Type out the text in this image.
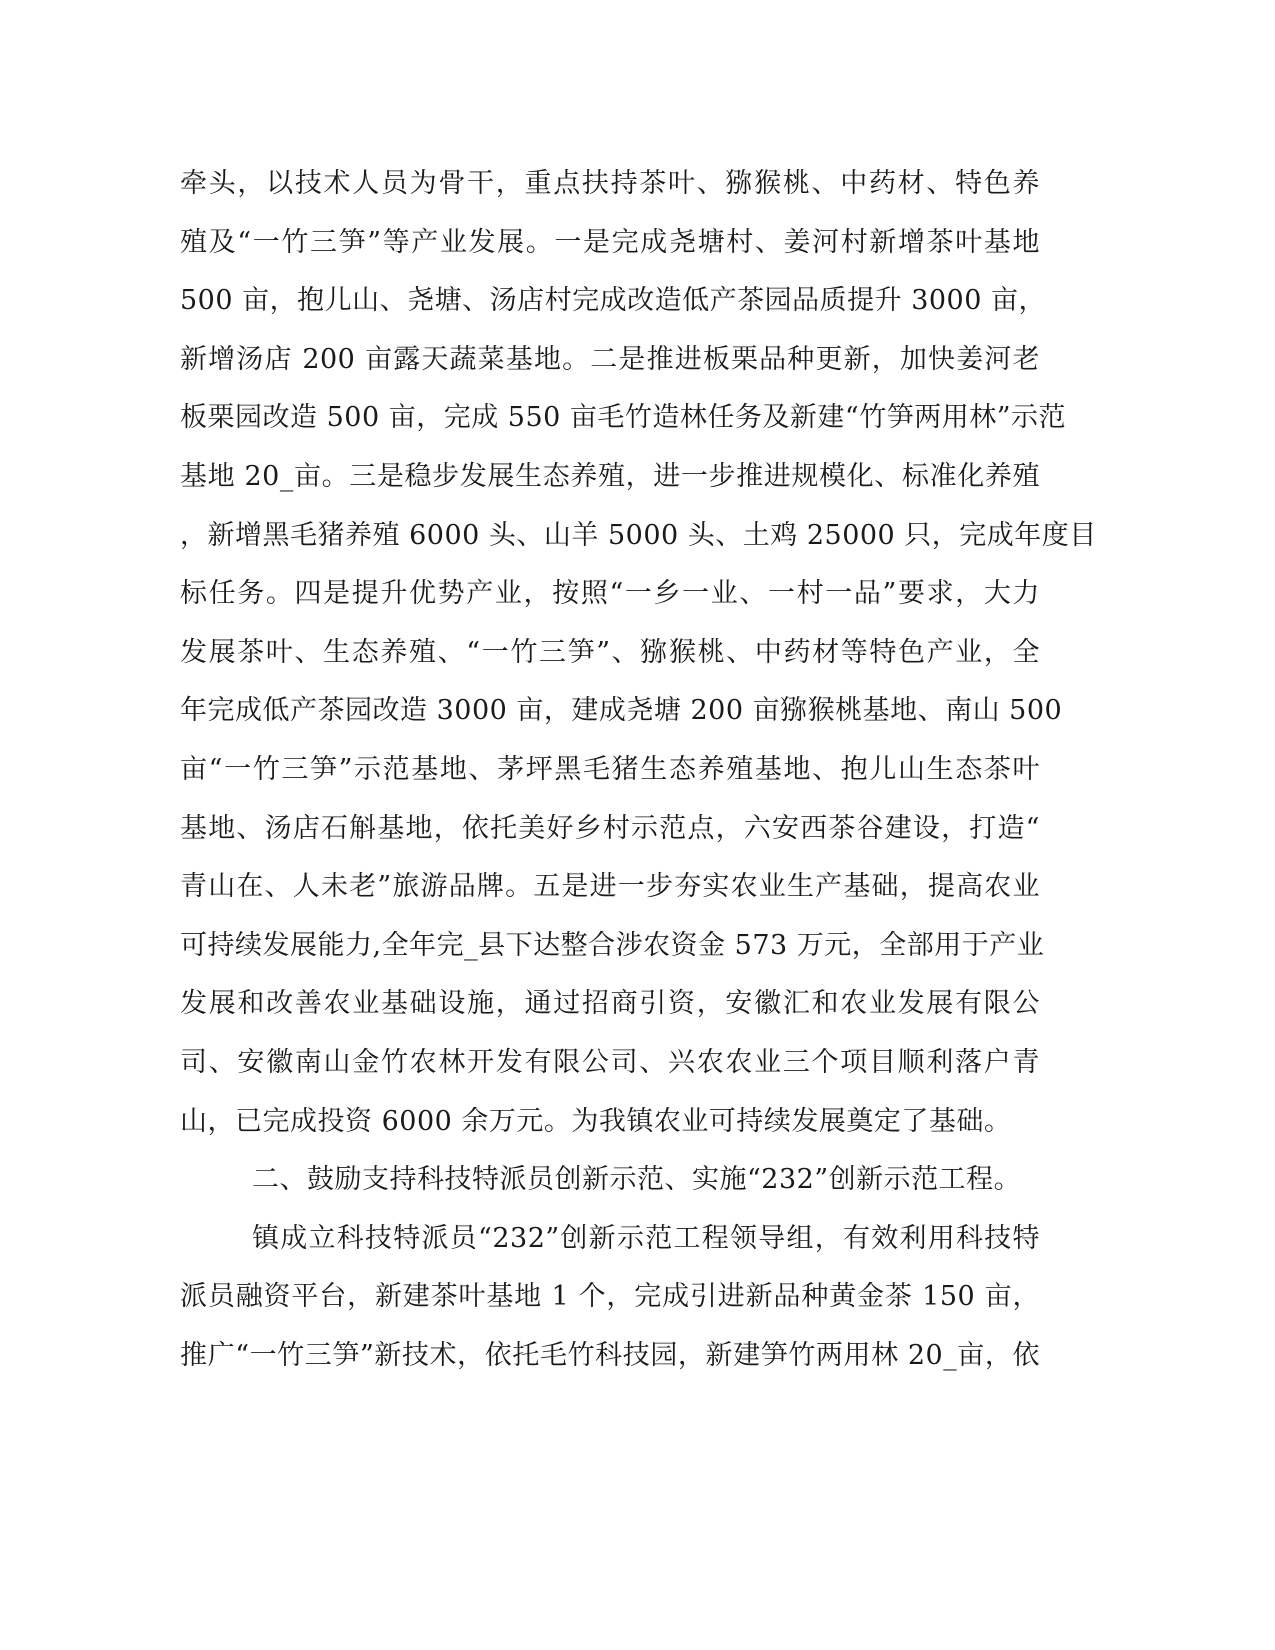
牵头，以技术人员为骨干，重点扶持茶叶、猕猴桃、中药材、特色养
殖及“一竹三笋”等产业发展。一是完成尧塘村、姜河村新增茶叶基地
500 亩，抱儿山、尧塘、汤店村完成改造低产茶园品质提升 3000 亩，
新增汤店 200 亩露天蔬菜基地。二是推进板栗品种更新，加快姜河老
板栗园改造 500 亩，完成 550 亩毛竹造林任务及新建“竹笋两用林”示范
基地 20_亩。三是稳步发展生态养殖，进一步推进规模化、标准化养殖
，新增黑毛猪养殖 6000 头、山羊 5000 头、土鸡 25000 只，完成年度目
标任务。四是提升优势产业，按照“一乡一业、一村一品”要求，大力
发展茶叶、生态养殖、“一竹三笋”、猕猴桃、中药材等特色产业，全
年完成低产茶园改造 3000 亩，建成尧塘 200 亩猕猴桃基地、南山 500
亩“一竹三笋”示范基地、茅坪黑毛猪生态养殖基地、抱儿山生态茶叶
基地、汤店石斛基地，依托美好乡村示范点，六安西茶谷建设，打造“
青山在、人未老”旅游品牌。五是进一步夯实农业生产基础，提高农业
可持续发展能力,全年完_县下达整合涉农资金 573 万元，全部用于产业
发展和改善农业基础设施，通过招商引资，安徽汇和农业发展有限公
司、安徽南山金竹农林开发有限公司、兴农农业三个项目顺利落户青
山，已完成投资 6000 余万元。为我镇农业可持续发展奠定了基础。
二、鼓励支持科技特派员创新示范、实施“232”创新示范工程。
镇成立科技特派员“232”创新示范工程领导组，有效利用科技特
派员融资平台，新建茶叶基地 1 个，完成引进新品种黄金茶 150 亩，
推广“一竹三笋”新技术，依托毛竹科技园，新建笋竹两用林 20_亩，依
